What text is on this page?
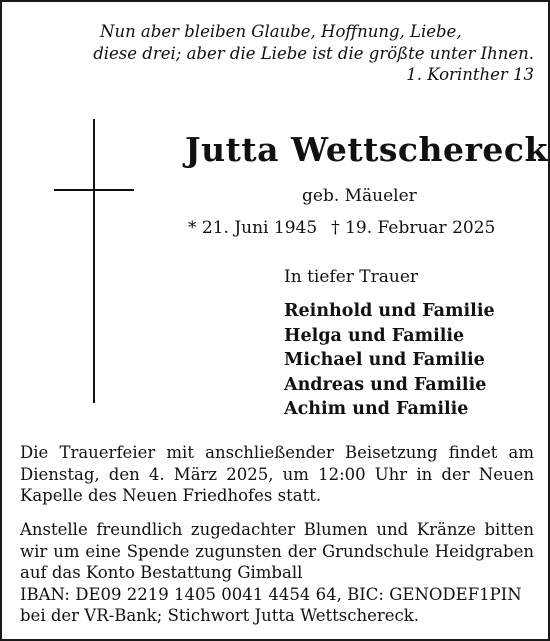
Nun aber bleiben Glaube, Hoffnung, Liebe,
diese drei; aber die Liebe ist die größte unter Ihnen.
1. Korinther 13

Jutta Wettschereck
geb. Mäueler
* 21. Juni 1945 † 19. Februar 2025
In tiefer Trauer
Reinhold und Familie
Helga und Familie
Michael und Familie
Andreas und Familie
Achim und Familie

Die Trauerfeier mit anschließender Beisetzung findet am Dienstag, den 4. März 2025, um 12:00 Uhr in der Neuen Kapelle des Neuen Friedhofes statt.

Anstelle freundlich zugedachter Blumen und Kränze bitten
wir um eine Spende zugunsten der Grundschule Heidgraben
auf das Konto Bestattung Gimball
IBAN: DE09 2219 1405 0041 4454 64, BIC: GENODEF1PIN
bei der VR-Bank; Stichwort Jutta Wettschereck.
